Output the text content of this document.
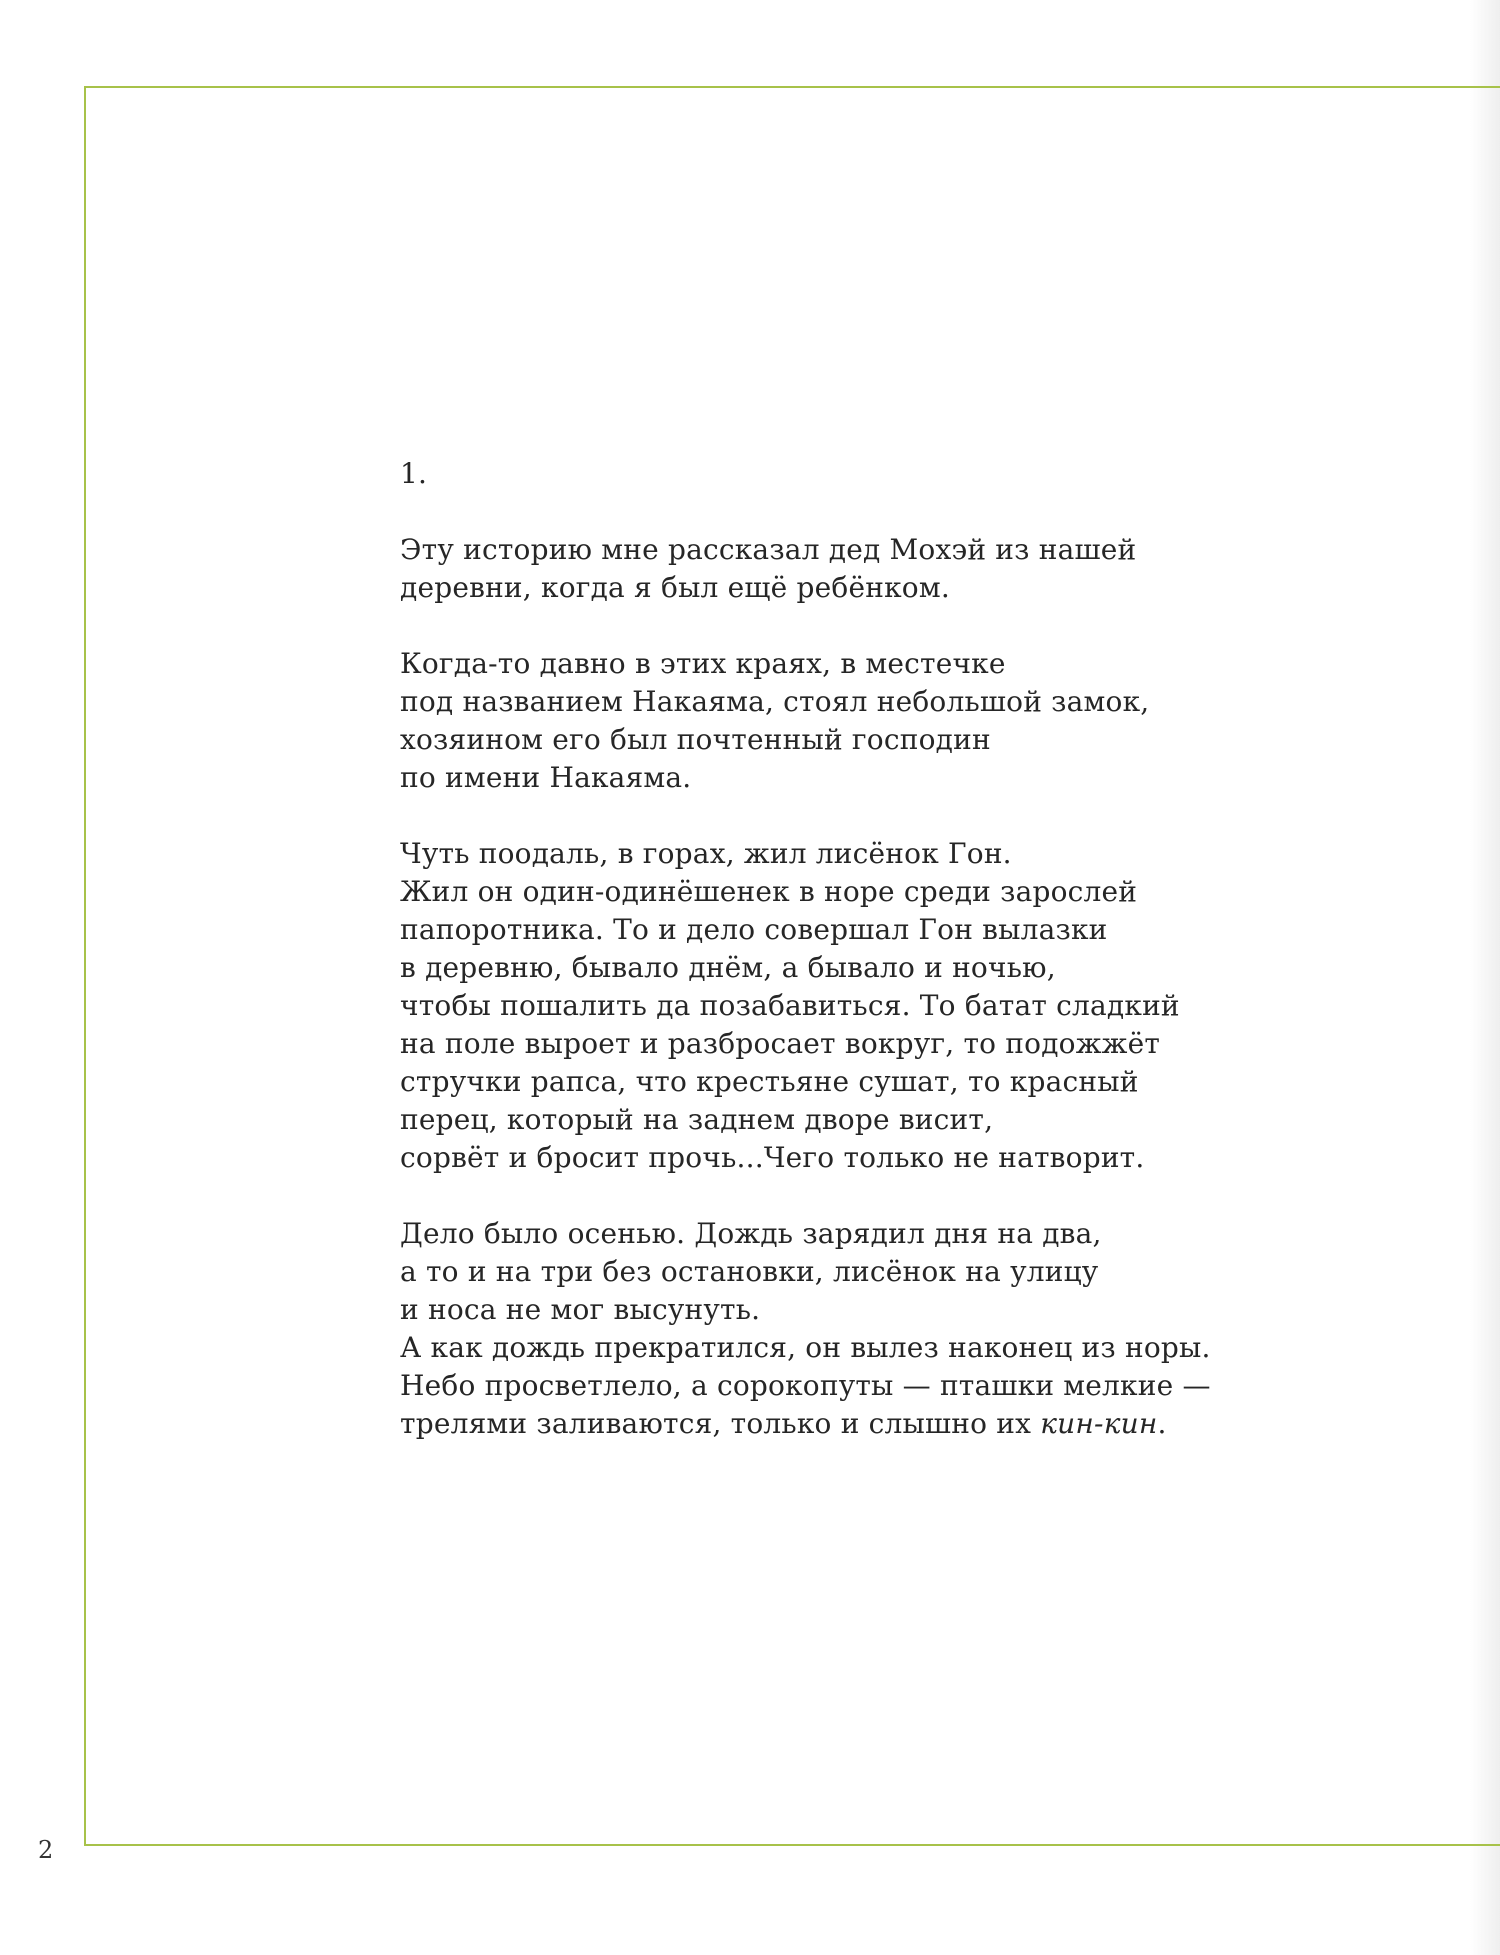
1.

Эту историю мне рассказал дед Мохэй из нашей
деревни, когда я был ещё ребёнком.

Когда-то давно в этих краях, в местечке
под названием Накаяма, стоял небольшой замок,
хозяином его был почтенный господин
по имени Накаяма.

Чуть поодаль, в горах, жил лисёнок Гон.
Жил он один-одинёшенек в норе среди зарослей
папоротника. То и дело совершал Гон вылазки
в деревню, бывало днём, а бывало и ночью,
чтобы пошалить да позабавиться. То батат сладкий
на поле выроет и разбросает вокруг, то подожжёт
стручки рапса, что крестьяне сушат, то красный
перец, который на заднем дворе висит,
сорвёт и бросит прочь...Чего только не натворит.

Дело было осенью. Дождь зарядил дня на два,
а то и на три без остановки, лисёнок на улицу
и носа не мог высунуть.
А как дождь прекратился, он вылез наконец из норы.
Небо просветлело, а сорокопуты — пташки мелкие —
трелями заливаются, только и слышно их кин-кин.

2
